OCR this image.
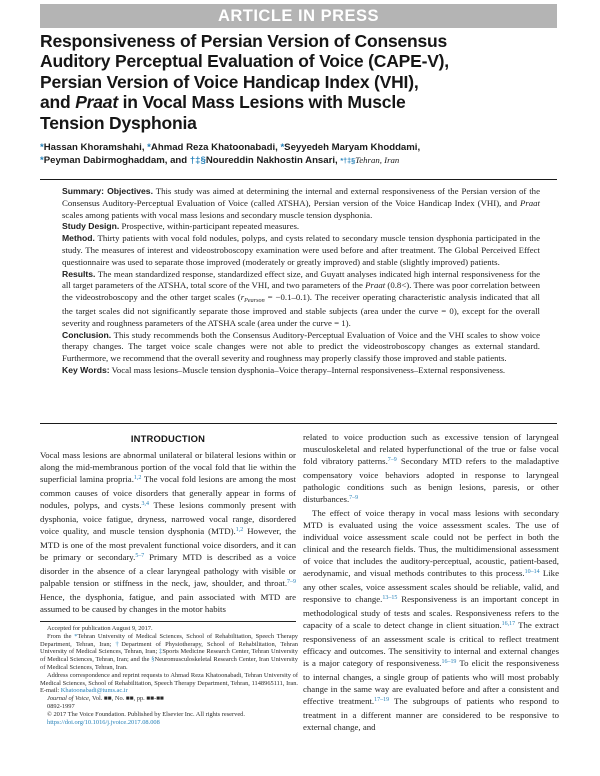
ARTICLE IN PRESS
Responsiveness of Persian Version of Consensus
Auditory Perceptual Evaluation of Voice (CAPE-V),
Persian Version of Voice Handicap Index (VHI),
and Praat in Vocal Mass Lesions with Muscle
Tension Dysphonia
*Hassan Khoramshahi, *Ahmad Reza Khatoonabadi, *Seyyedeh Maryam Khoddami,
*Peyman Dabirmoghaddam, and †‡§Noureddin Nakhostin Ansari, *†‡§Tehran, Iran

Summary: Objectives. This study was aimed at determining the internal and external responsiveness of the Persian version of the Consensus Auditory-Perceptual Evaluation of Voice (called ATSHA), Persian version of the Voice Handicap Index (VHI), and Praat scales among patients with vocal mass lesions and secondary muscle tension dysphonia.

Study Design. Prospective, within-participant repeated measures.

Method. Thirty patients with vocal fold nodules, polyps, and cysts related to secondary muscle tension dysphonia participated in the study. The measures of interest and videostroboscopy examination were used before and after treatment. The Global Perceived Effect questionnaire was used to separate those improved (moderately or greatly improved) and stable (slightly improved) patients.

Results. The mean standardized response, standardized effect size, and Guyatt analyses indicated high internal responsiveness for the all target parameters of the ATSHA, total score of the VHI, and two parameters of the Praat (0.8<). There was poor correlation between the videostroboscopy and the other target scales (rPearson = −0.1–0.1). The receiver operating characteristic analysis indicated that all the target scales did not significantly separate those improved and stable subjects (area under the curve = 0), except for the overall severity and roughness parameters of the ATSHA scale (area under the curve = 1).

Conclusion. This study recommends both the Consensus Auditory-Perceptual Evaluation of Voice and the VHI scales to show voice therapy changes. The target voice scale changes were not able to predict the videostroboscopy changes as external standard. Furthermore, we recommend that the overall severity and roughness may properly classify those improved and stable patients.

Key Words: Vocal mass lesions–Muscle tension dysphonia–Voice therapy–Internal responsiveness–External responsiveness.

INTRODUCTION

Vocal mass lesions are abnormal unilateral or bilateral lesions within or along the mid-membranous portion of the vocal fold that lie within the superficial lamina propria.$^{1,2}$ The vocal fold lesions are among the most common causes of voice disorders that generally appear in forms of nodules, polyps, and cysts.$^{3,4}$ These lesions commonly present with dysphonia, voice fatigue, dryness, narrowed vocal range, disordered voice quality, and muscle tension dysphonia (MTD).$^{1,2}$ However, the MTD is one of the most prevalent functional voice disorders, and it can be primary or secondary.$^{5-7}$ Primary MTD is described as a voice disorder in the absence of a clear laryngeal pathology with visible or palpable tension or stiffness in the neck, jaw, shoulder, and throat.$^{7-9}$ Hence, the dysphonia, fatigue, and pain associated with MTD are assumed to be caused by changes in the motor habits

related to voice production such as excessive tension of laryngeal musculoskeletal and related hyperfunctional of the true or false vocal fold vibratory patterns.$^{7-9}$ Secondary MTD refers to the maladaptive compensatory voice behaviors adopted in response to laryngeal pathologic conditions such as benign lesions, paresis, or other disturbances.$^{7-9}$

The effect of voice therapy in vocal mass lesions with secondary MTD is evaluated using the voice assessment scales. The use of individual voice assessment scale could not be perfect in both the clinical and the research fields. Thus, the multidimensional assessment of voice that includes the auditory-perceptual, acoustic, patient-based, aerodynamic, and visual methods contributes to this process.$^{10-14}$ Like any other scales, voice assessment scales should be reliable, valid, and responsive to change.$^{13-15}$ Responsiveness is an important concept in methodological study of tests and scales. Responsiveness refers to the capacity of a scale to detect change in client situation.$^{16,17}$ The extract responsiveness of an assessment scale is critical to reflect treatment efficacy and outcomes. The sensitivity to internal and external changes is a major category of responsiveness.$^{16-19}$ To elicit the responsiveness to internal changes, a single group of patients who will most probably change in the same way are evaluated before and after a consistent and effective treatment.$^{17-19}$ The subgroups of patients who respond to treatment in a different manner are considered to be responsive to external change, and

Accepted for publication August 9, 2017.

From the *Tehran University of Medical Sciences, School of Rehabilitation, Speech Therapy Department, Tehran, Iran; †Department of Physiotherapy, School of Rehabilitation, Tehran University of Medical Sciences, Tehran, Iran; ‡Sports Medicine Research Center, Tehran University of Medical Sciences, Tehran, Iran; and the §Neuromusculoskeletal Research Center, Iran University of Medical Sciences, Tehran, Iran.

Address correspondence and reprint requests to Ahmad Reza Khatoonabadi, Tehran University of Medical Sciences, School of Rehabilitation, Speech Therapy Department, Tehran, 1148965111, Iran. E-mail: Khatoonabadi@tums.ac.ir

Journal of Voice, Vol. ■■, No. ■■, pp. ■■-■■

0892-1997

© 2017 The Voice Foundation. Published by Elsevier Inc. All rights reserved.

https://doi.org/10.1016/j.jvoice.2017.08.008
